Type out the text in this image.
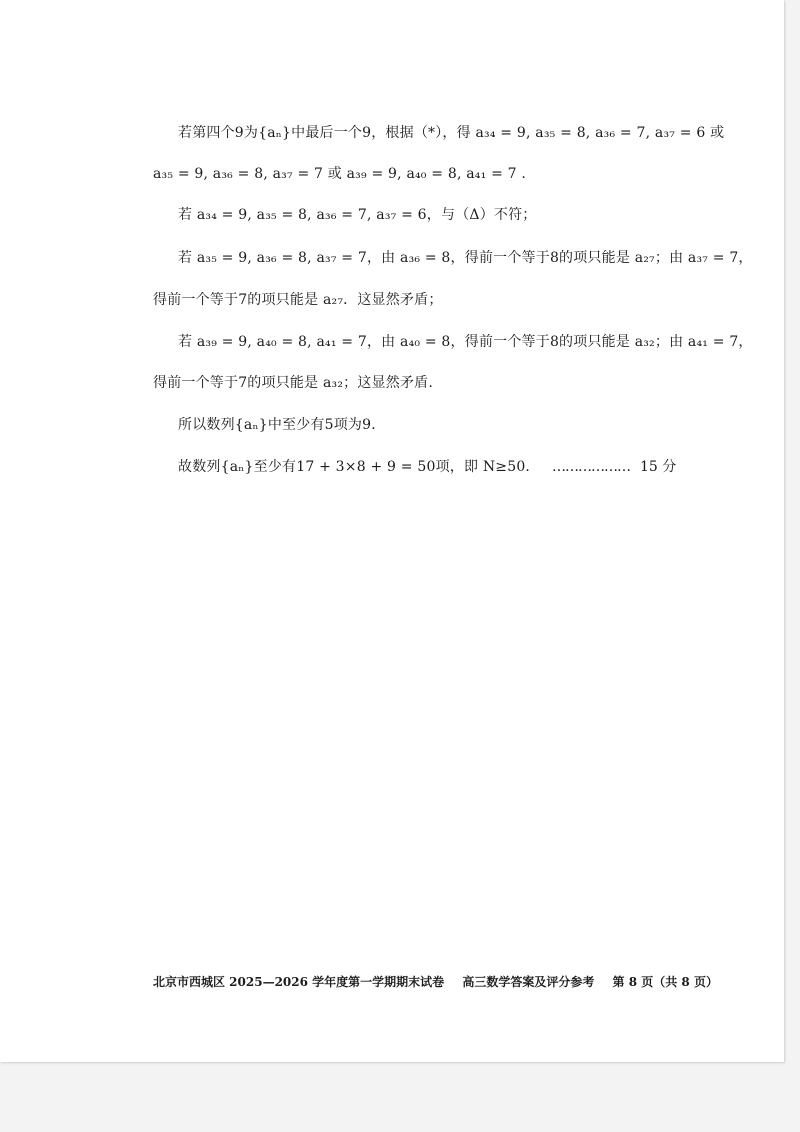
若第四个9为{aₙ}中最后一个9，根据（*），得 a₃₄ = 9, a₃₅ = 8, a₃₆ = 7, a₃₇ = 6 或
a₃₅ = 9, a₃₆ = 8, a₃₇ = 7 或 a₃₉ = 9, a₄₀ = 8, a₄₁ = 7 .
若 a₃₄ = 9, a₃₅ = 8, a₃₆ = 7, a₃₇ = 6，与（Δ）不符；
若 a₃₅ = 9, a₃₆ = 8, a₃₇ = 7，由 a₃₆ = 8，得前一个等于8的项只能是 a₂₇；由 a₃₇ = 7，
得前一个等于7的项只能是 a₂₇．这显然矛盾；
若 a₃₉ = 9, a₄₀ = 8, a₄₁ = 7，由 a₄₀ = 8，得前一个等于8的项只能是 a₃₂；由 a₄₁ = 7，
得前一个等于7的项只能是 a₃₂；这显然矛盾.
所以数列{aₙ}中至少有5项为9．
故数列{aₙ}至少有17 + 3×8 + 9 = 50项，即 N≥50． ……………… 15 分
北京市西城区 2025—2026 学年度第一学期期末试卷 高三数学答案及评分参考 第 8 页（共 8 页）
